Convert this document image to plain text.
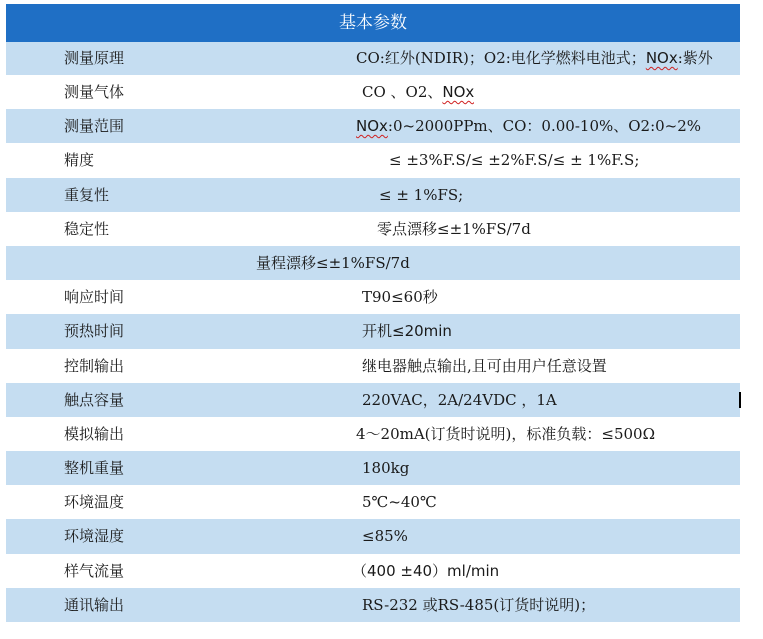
基本参数
测量原理	CO:红外(NDIR)；O2:电化学燃料电池式；NOx:紫外
测量气体	CO 、O2、NOx
测量范围	NOx:0~2000PPm、CO：0.00-10%、O2:0~2%
精度	≤ ±3%F.S/≤ ±2%F.S/≤ ± 1%F.S;
重复性	≤ ± 1%FS;
稳定性	零点漂移≤±1%FS/7d
量程漂移≤±1%FS/7d
响应时间	T90≤60秒
预热时间	开机≤20min
控制输出	继电器触点输出,且可由用户任意设置
触点容量	220VAC，2A/24VDC ，1A
模拟输出	4～20mA(订货时说明)，标准负载：≤500Ω
整机重量	180kg
环境温度	5℃~40℃
环境湿度	≤85%
样气流量	（400 ±40）ml/min
通讯输出	RS-232 或RS-485(订货时说明)；
